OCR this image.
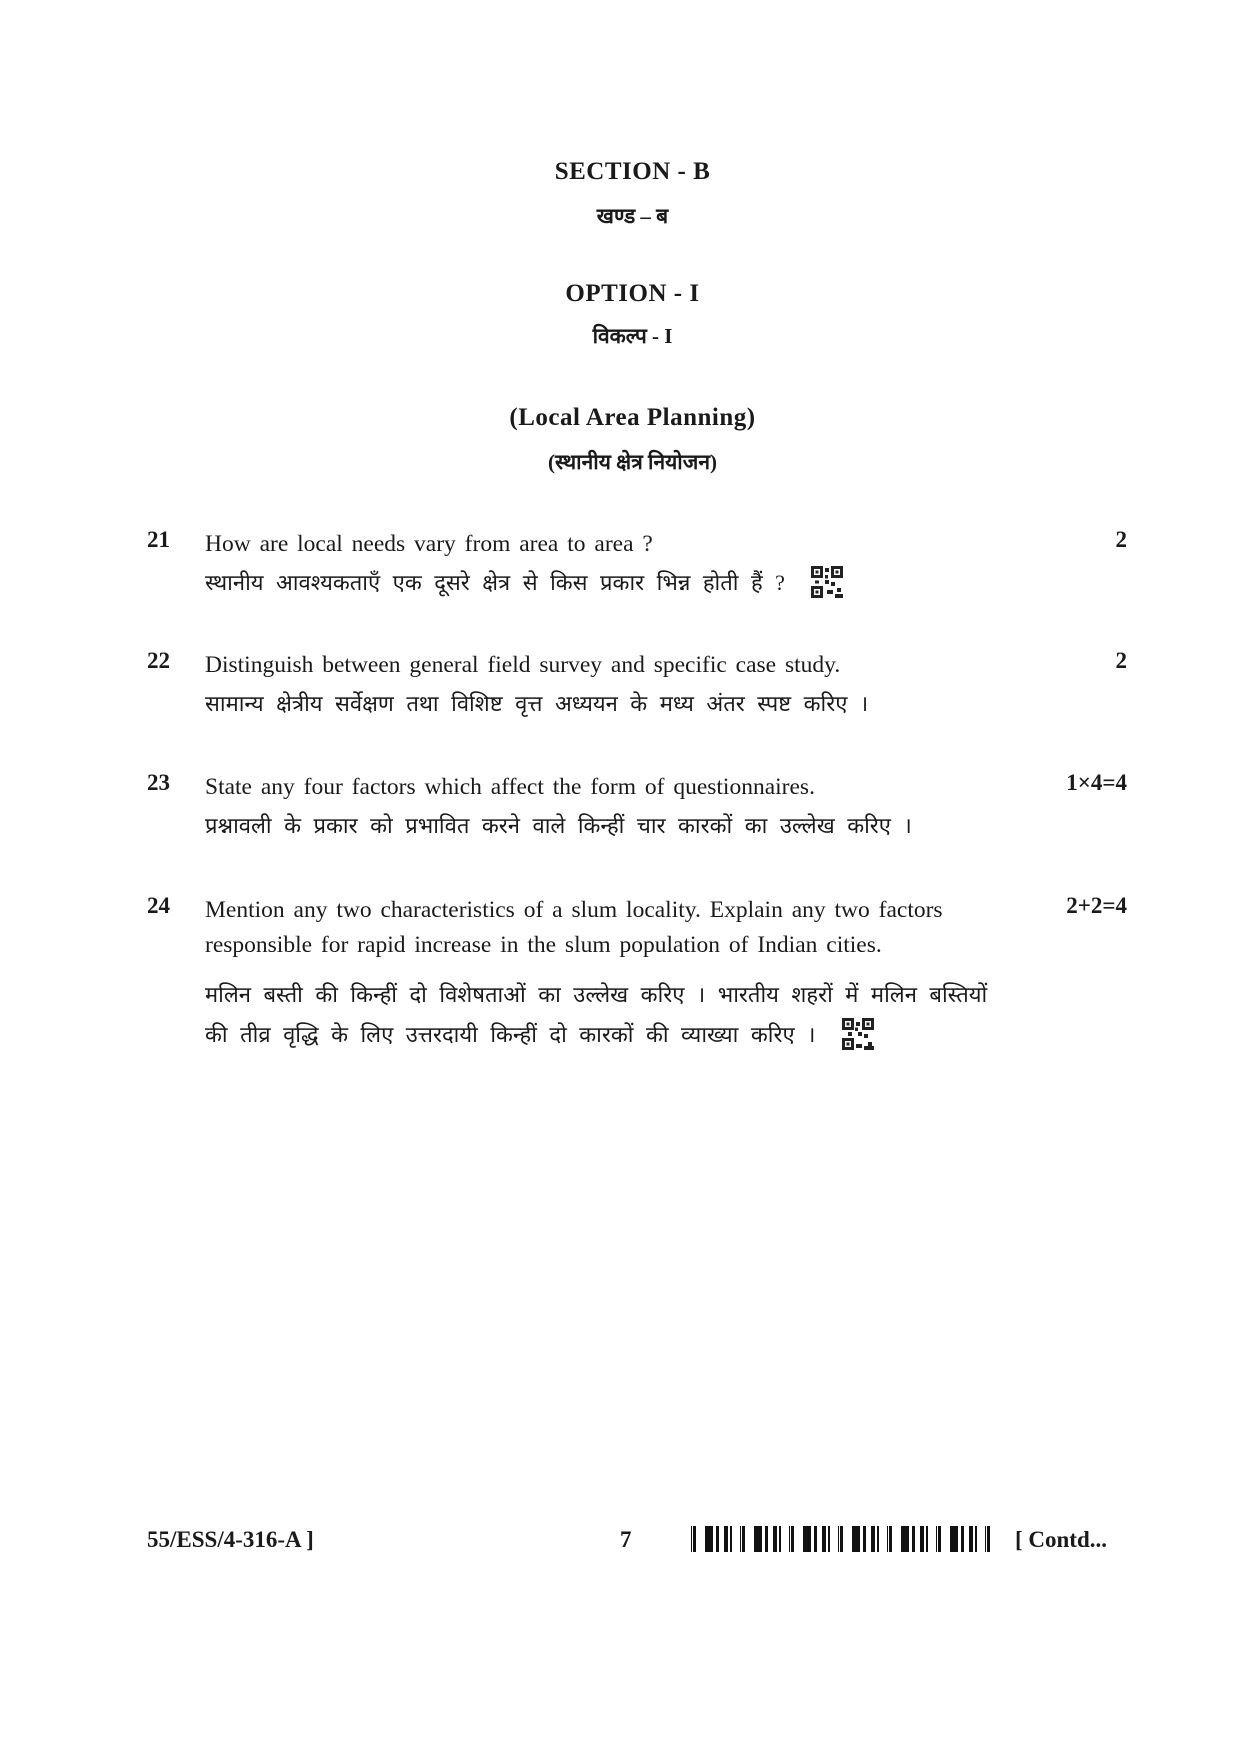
SECTION - B
खण्ड – ब
OPTION - I
विकल्प - I
(Local Area Planning)
(स्थानीय क्षेत्र नियोजन)
21 How are local needs vary from area to area ?	2
स्थानीय आवश्यकताएँ एक दूसरे क्षेत्र से किस प्रकार भिन्न होती हैं ?
22 Distinguish between general field survey and specific case study.	2
सामान्य क्षेत्रीय सर्वेक्षण तथा विशिष्ट वृत्त अध्ययन के मध्य अंतर स्पष्ट करिए ।
23 State any four factors which affect the form of questionnaires.	1×4=4
प्रश्नावली के प्रकार को प्रभावित करने वाले किन्हीं चार कारकों का उल्लेख करिए ।
24 Mention any two characteristics of a slum locality. Explain any two factors responsible for rapid increase in the slum population of Indian cities.
2+2=4
मलिन बस्ती की किन्हीं दो विशेषताओं का उल्लेख करिए । भारतीय शहरों में मलिन बस्तियों
की तीव्र वृद्धि के लिए उत्तरदायी किन्हीं दो कारकों की व्याख्या करिए ।
55/ESS/4-316-A ]	7	[ Contd...
